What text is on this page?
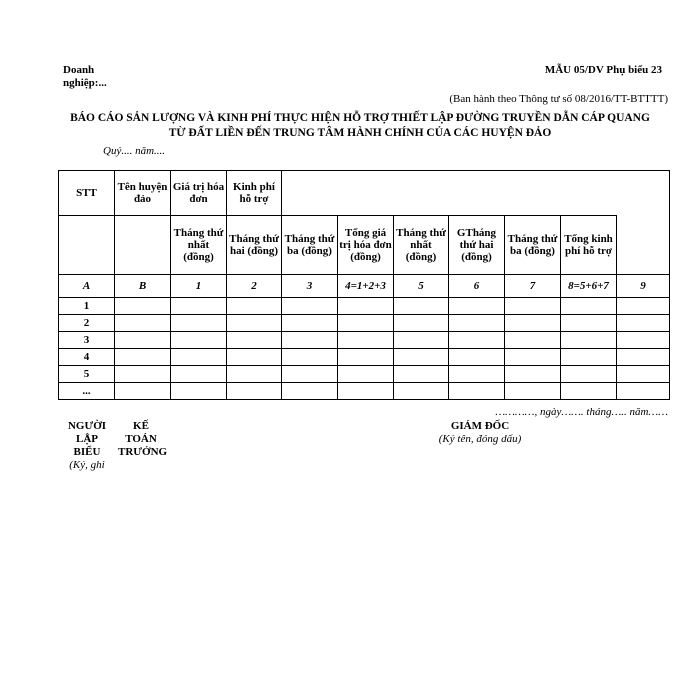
Doanh nghiệp:...
MẪU 05/DV Phụ biểu 23
(Ban hành theo Thông tư số 08/2016/TT-BTTTT)
BÁO CÁO SẢN LƯỢNG VÀ KINH PHÍ THỰC HIỆN HỖ TRỢ THIẾT LẬP ĐƯỜNG TRUYỀN DẪN CÁP QUANG
TỪ ĐẤT LIỀN ĐẾN TRUNG TÂM HÀNH CHÍNH CỦA CÁC HUYỆN ĐẢO
Quý.... năm....
STT	Tên huyện đảo	Giá trị hóa đơn	Kinh phí hỗ trợ							
		Tháng thứ nhất (đồng)	Tháng thứ hai (đồng)	Tháng thứ ba (đồng)	Tổng giá trị hóa đơn (đồng)	Tháng thứ nhất (đồng)	GTháng thứ hai (đồng)	Tháng thứ ba (đồng)	Tổng kinh phí hỗ trợ	
A	B	1	2	3	4=1+2+3	5	6	7	8=5+6+7	9
1										
2										
3										
4										
5										
...										
…………, ngày……. tháng….. năm……
NGƯỜI LẬP BIỂU
(Ký, ghi
KẾ TOÁN TRƯỞNG
GIÁM ĐỐC
(Ký tên, đóng dấu)
